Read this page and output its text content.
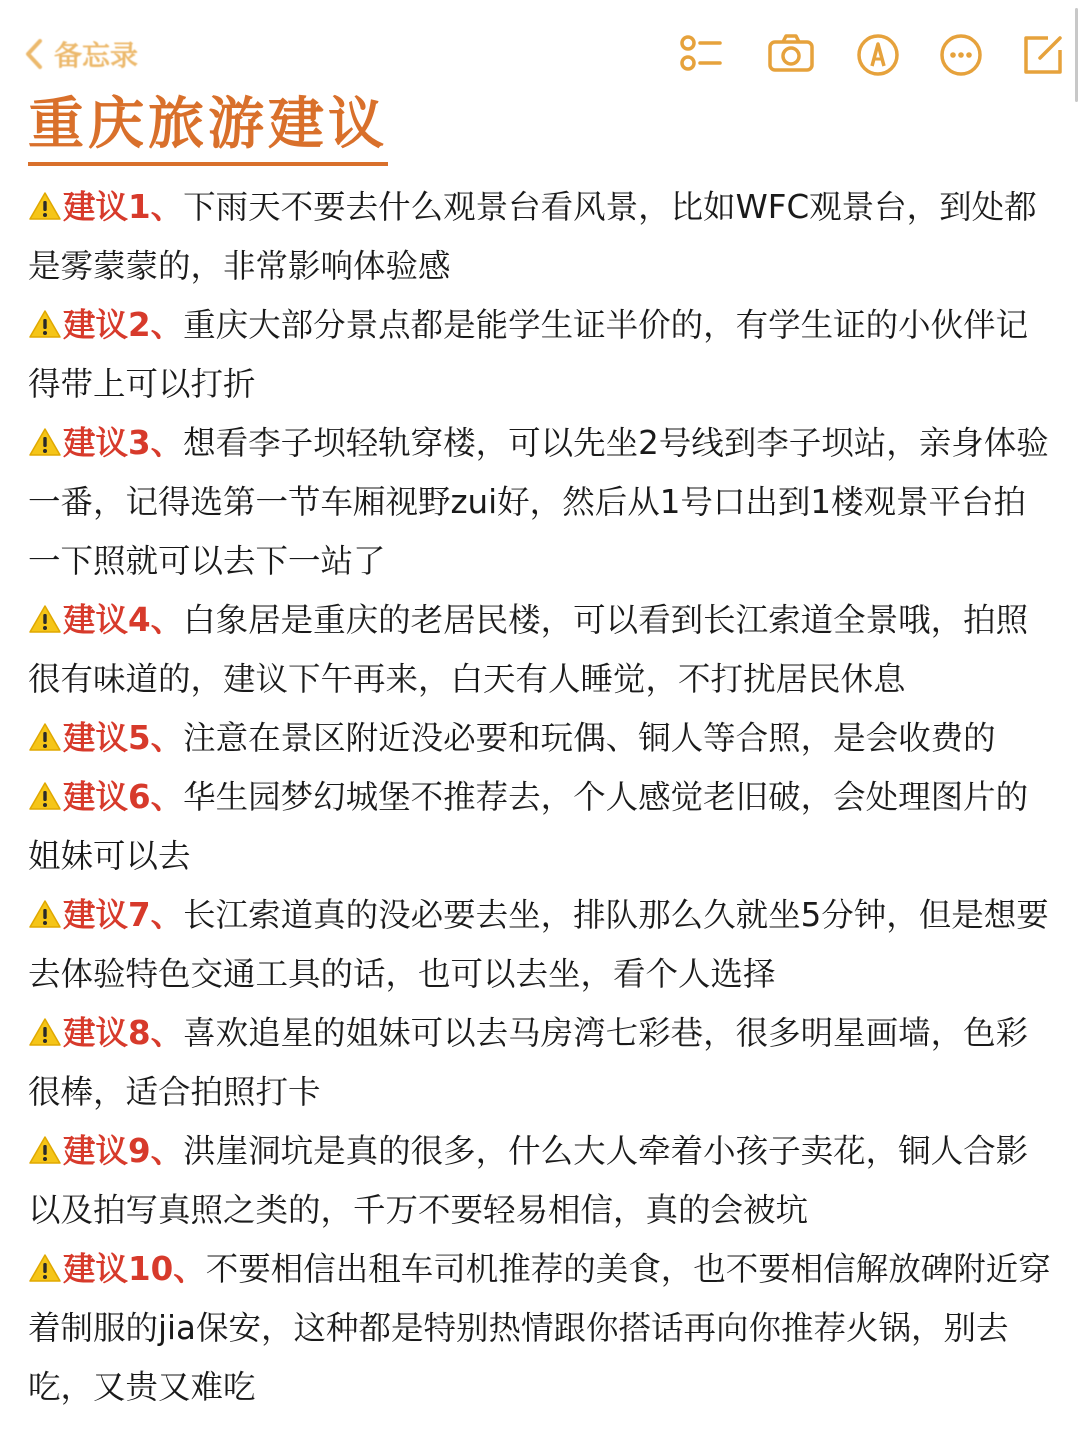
备忘录
重庆旅游建议

建议1、下雨天不要去什么观景台看风景，比如WFC观景台，到处都是雾蒙蒙的，非常影响体验感

建议2、重庆大部分景点都是能学生证半价的，有学生证的小伙伴记得带上可以打折

建议3、想看李子坝轻轨穿楼，可以先坐2号线到李子坝站，亲身体验一番，记得选第一节车厢视野zui好，然后从1号口出到1楼观景平台拍一下照就可以去下一站了

建议4、白象居是重庆的老居民楼，可以看到长江索道全景哦，拍照很有味道的，建议下午再来，白天有人睡觉，不打扰居民休息

建议5、注意在景区附近没必要和玩偶、铜人等合照，是会收费的

建议6、华生园梦幻城堡不推荐去，个人感觉老旧破，会处理图片的姐妹可以去

建议7、长江索道真的没必要去坐，排队那么久就坐5分钟，但是想要去体验特色交通工具的话，也可以去坐，看个人选择

建议8、喜欢追星的姐妹可以去马房湾七彩巷，很多明星画墙，色彩很棒，适合拍照打卡

建议9、洪崖洞坑是真的很多，什么大人牵着小孩子卖花，铜人合影以及拍写真照之类的，千万不要轻易相信，真的会被坑

建议10、不要相信出租车司机推荐的美食，也不要相信解放碑附近穿着制服的jia保安，这种都是特别热情跟你搭话再向你推荐火锅，别去吃，又贵又难吃
